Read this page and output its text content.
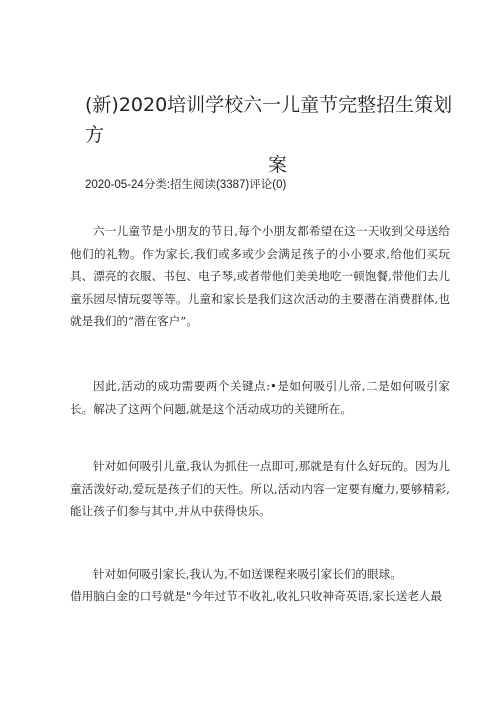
(新)2020培训学校六一儿童节完整招生策划方
案
2020-05-24分类:招生阅读(3387)评论(0)

六一儿童节是小朋友的节日,每个小朋友都希望在这一天收到父母送给他们的礼物。作为家长,我们或多或少会满足孩子的小小要求,给他们买玩具、漂亮的衣服、书包、电子琴,或者带他们美美地吃一顿饱餐,带他们去儿童乐园尽情玩耍等等。儿童和家长是我们这次活动的主要潜在消费群体,也就是我们的“潜在客户”。

因此,活动的成功需要两个关键点:•是如何吸引儿帝,二是如何吸引家长。解决了这两个问题,就是这个活动成功的关键所在。

针对如何吸引儿童,我认为抓住一点即可,那就是有什么好玩的。因为儿童活泼好动,爱玩是孩子们的天性。所以,活动内容一定要有魔力,要够精彩,能让孩子们参与其中,并从中获得快乐。

针对如何吸引家长,我认为,不如送课程来吸引家长们的眼球。

借用脑白金的口号就是"今年过节不收礼,收礼只收神奇英语,家长送老人最
